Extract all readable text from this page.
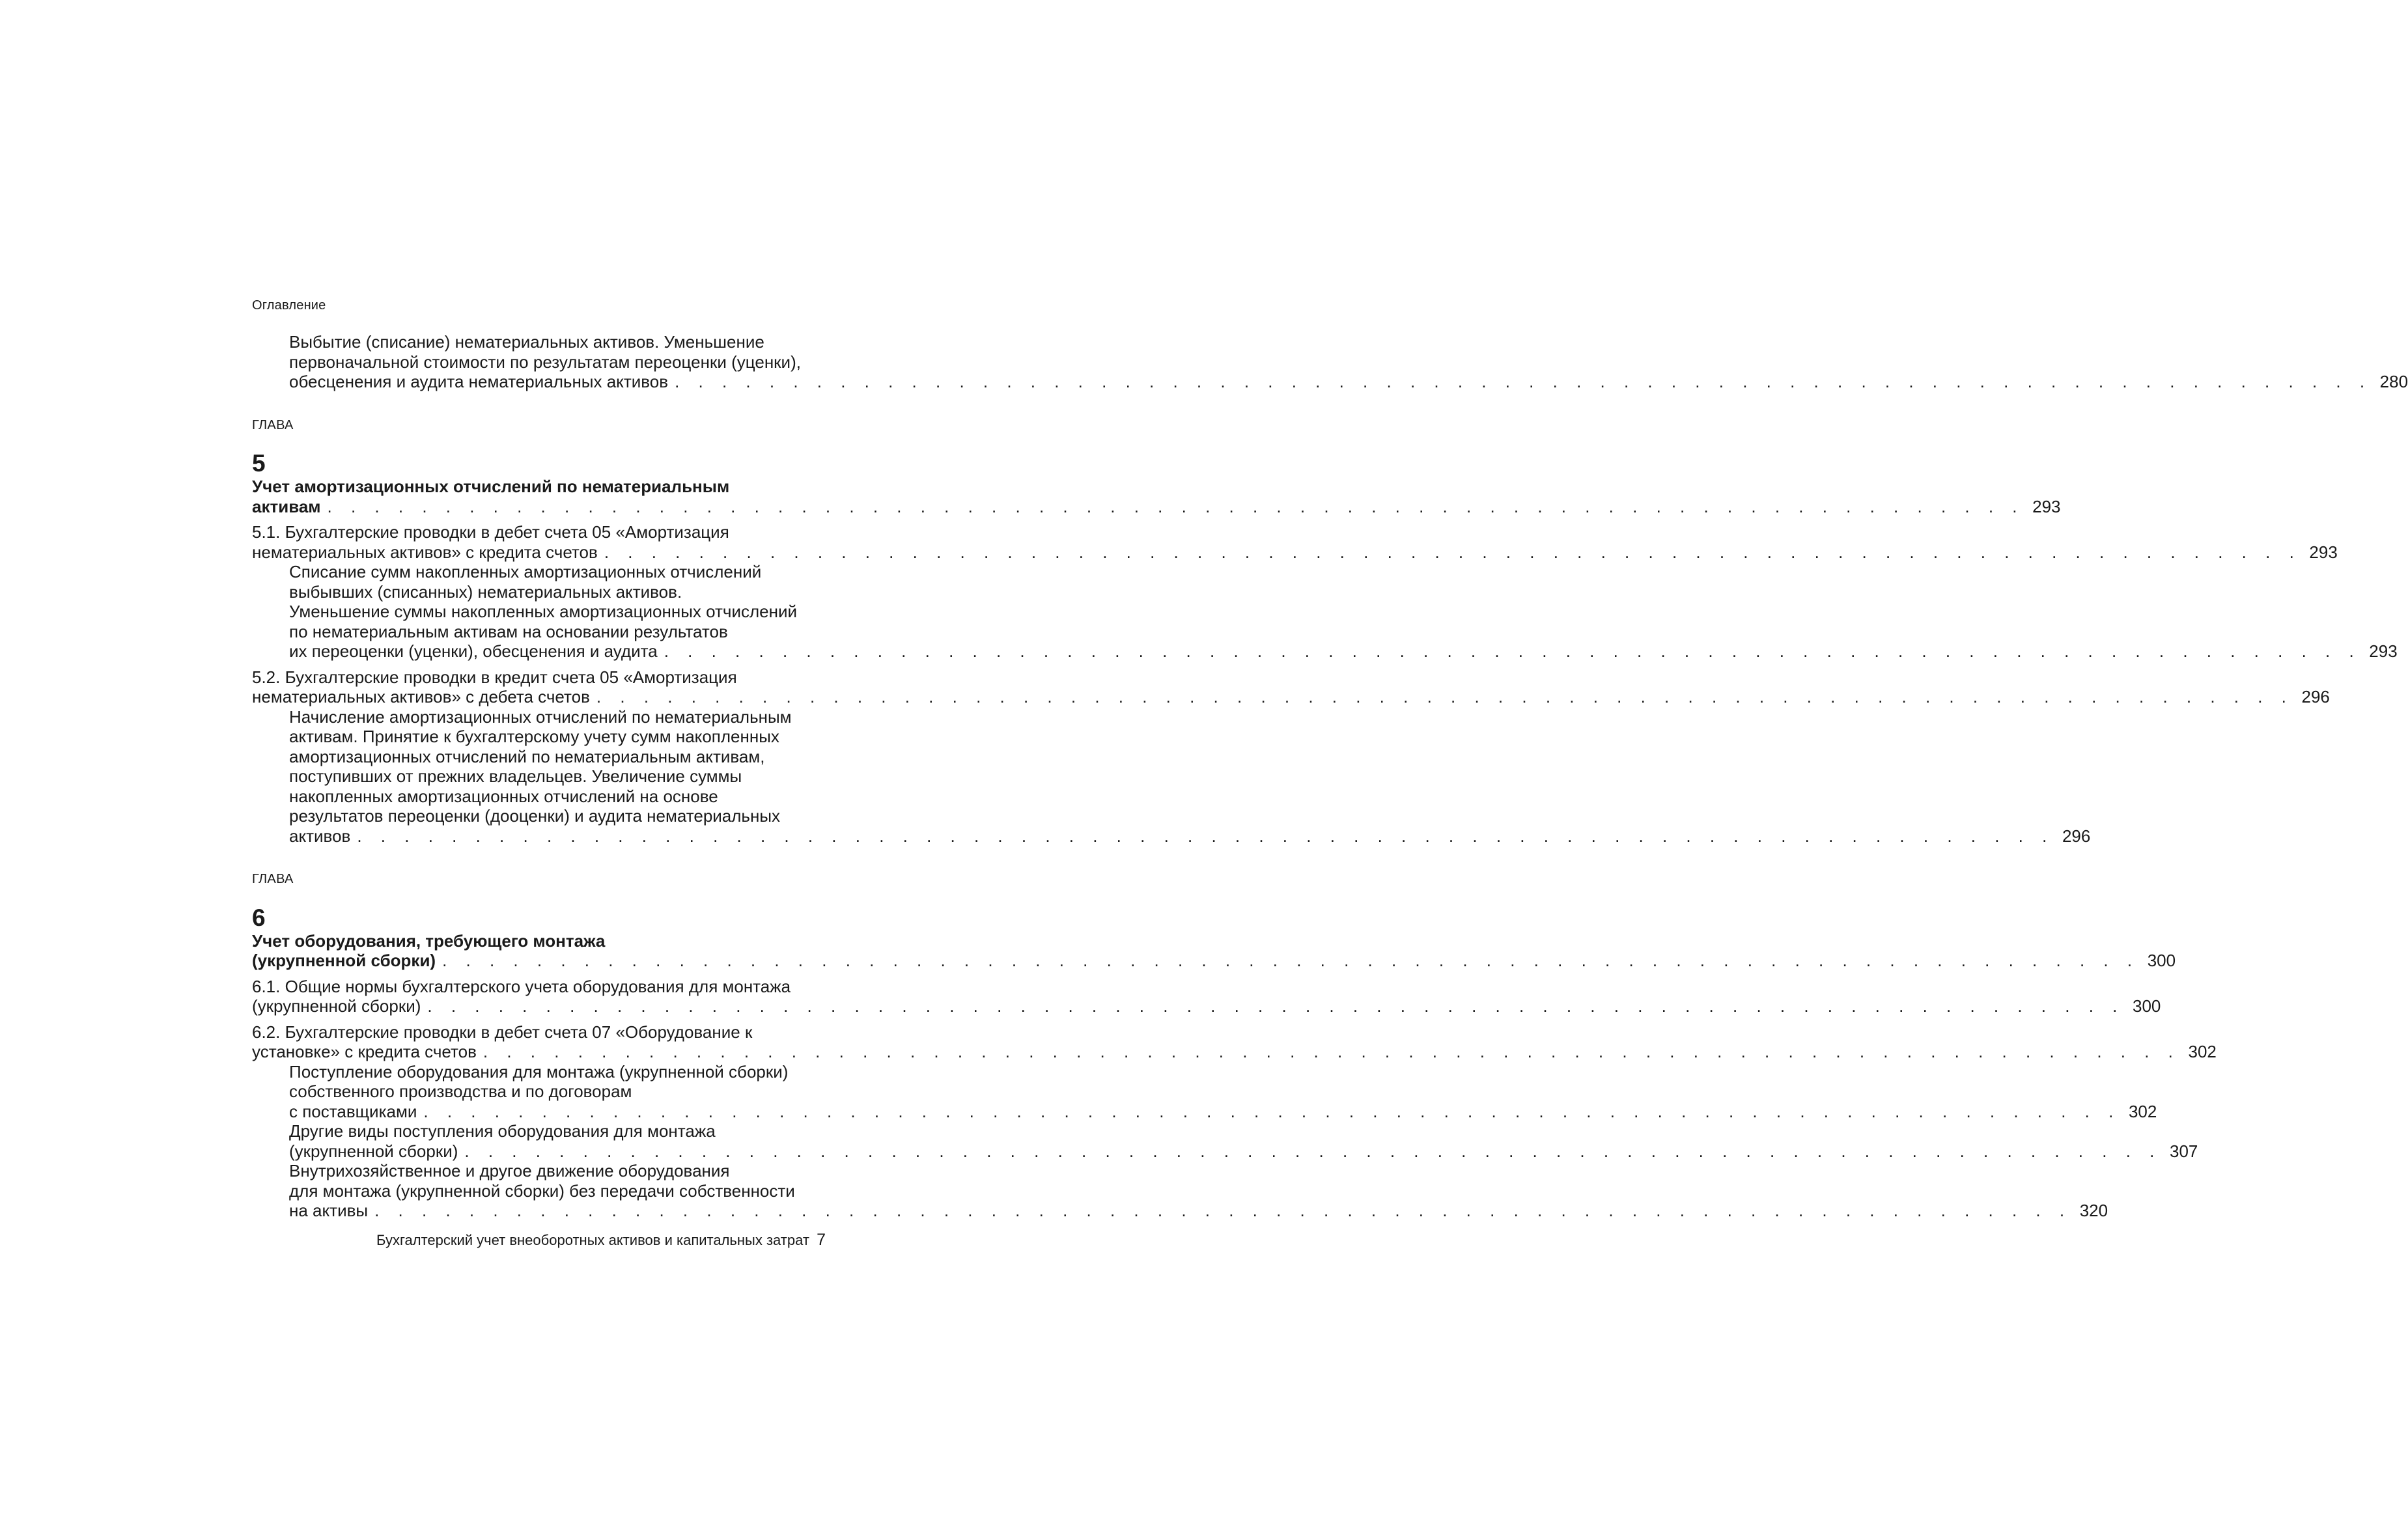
Оглавление
Выбытие (списание) нематериальных активов. Уменьшение
первоначальной стоимости по результатам переоценки (уценки),
обесценения и аудита нематериальных активов . . . . . . . . . . . . . . . . . . . . . . . . . . . . . . . . . . . . . . . . . . . . . . . . . . . . . . . . . . . . . . . . . . . . . . . . 280
ГЛАВА
5
Учет амортизационных отчислений по нематериальным
активам . . . . . . . . . . . . . . . . . . . . . . . . . . . . . . . . . . . . . . . . . . . . . . . . . . . . . . . . . . . . . . . . . . . . . . . . 293
5.1. Бухгалтерские проводки в дебет счета 05 «Амортизация
нематериальных активов» с кредита счетов . . . . . . . . . . . . . . . . . . . . . . . . . . . . . . . . . . . . . . . . . . . . . . . . . . . . . . . . . . . . . . . . . . . . . . . . 293
Списание сумм накопленных амортизационных отчислений
выбывших (списанных) нематериальных активов.
Уменьшение суммы накопленных амортизационных отчислений
по нематериальным активам на основании результатов
их переоценки (уценки), обесценения и аудита . . . . . . . . . . . . . . . . . . . . . . . . . . . . . . . . . . . . . . . . . . . . . . . . . . . . . . . . . . . . . . . . . . . . . . . . 293
5.2. Бухгалтерские проводки в кредит счета 05 «Амортизация
нематериальных активов» с дебета счетов . . . . . . . . . . . . . . . . . . . . . . . . . . . . . . . . . . . . . . . . . . . . . . . . . . . . . . . . . . . . . . . . . . . . . . . . 296
Начисление амортизационных отчислений по нематериальным
активам. Принятие к бухгалтерскому учету сумм накопленных
амортизационных отчислений по нематериальным активам,
поступивших от прежних владельцев. Увеличение суммы
накопленных амортизационных отчислений на основе
результатов переоценки (дооценки) и аудита нематериальных
активов . . . . . . . . . . . . . . . . . . . . . . . . . . . . . . . . . . . . . . . . . . . . . . . . . . . . . . . . . . . . . . . . . . . . . . . . 296
ГЛАВА
6
Учет оборудования, требующего монтажа
(укрупненной сборки) . . . . . . . . . . . . . . . . . . . . . . . . . . . . . . . . . . . . . . . . . . . . . . . . . . . . . . . . . . . . . . . . . . . . . . . . 300
6.1. Общие нормы бухгалтерского учета оборудования для монтажа
(укрупненной сборки) . . . . . . . . . . . . . . . . . . . . . . . . . . . . . . . . . . . . . . . . . . . . . . . . . . . . . . . . . . . . . . . . . . . . . . . . 300
6.2. Бухгалтерские проводки в дебет счета 07 «Оборудование к
установке» с кредита счетов . . . . . . . . . . . . . . . . . . . . . . . . . . . . . . . . . . . . . . . . . . . . . . . . . . . . . . . . . . . . . . . . . . . . . . . . 302
Поступление оборудования для монтажа (укрупненной сборки)
собственного производства и по договорам
с поставщиками . . . . . . . . . . . . . . . . . . . . . . . . . . . . . . . . . . . . . . . . . . . . . . . . . . . . . . . . . . . . . . . . . . . . . . . . 302
Другие виды поступления оборудования для монтажа
(укрупненной сборки) . . . . . . . . . . . . . . . . . . . . . . . . . . . . . . . . . . . . . . . . . . . . . . . . . . . . . . . . . . . . . . . . . . . . . . . . 307
Внутрихозяйственное и другое движение оборудования
для монтажа (укрупненной сборки) без передачи собственности
на активы . . . . . . . . . . . . . . . . . . . . . . . . . . . . . . . . . . . . . . . . . . . . . . . . . . . . . . . . . . . . . . . . . . . . . . . . 320
Бухгалтерский учет внеоборотных активов и капитальных затрат 7
